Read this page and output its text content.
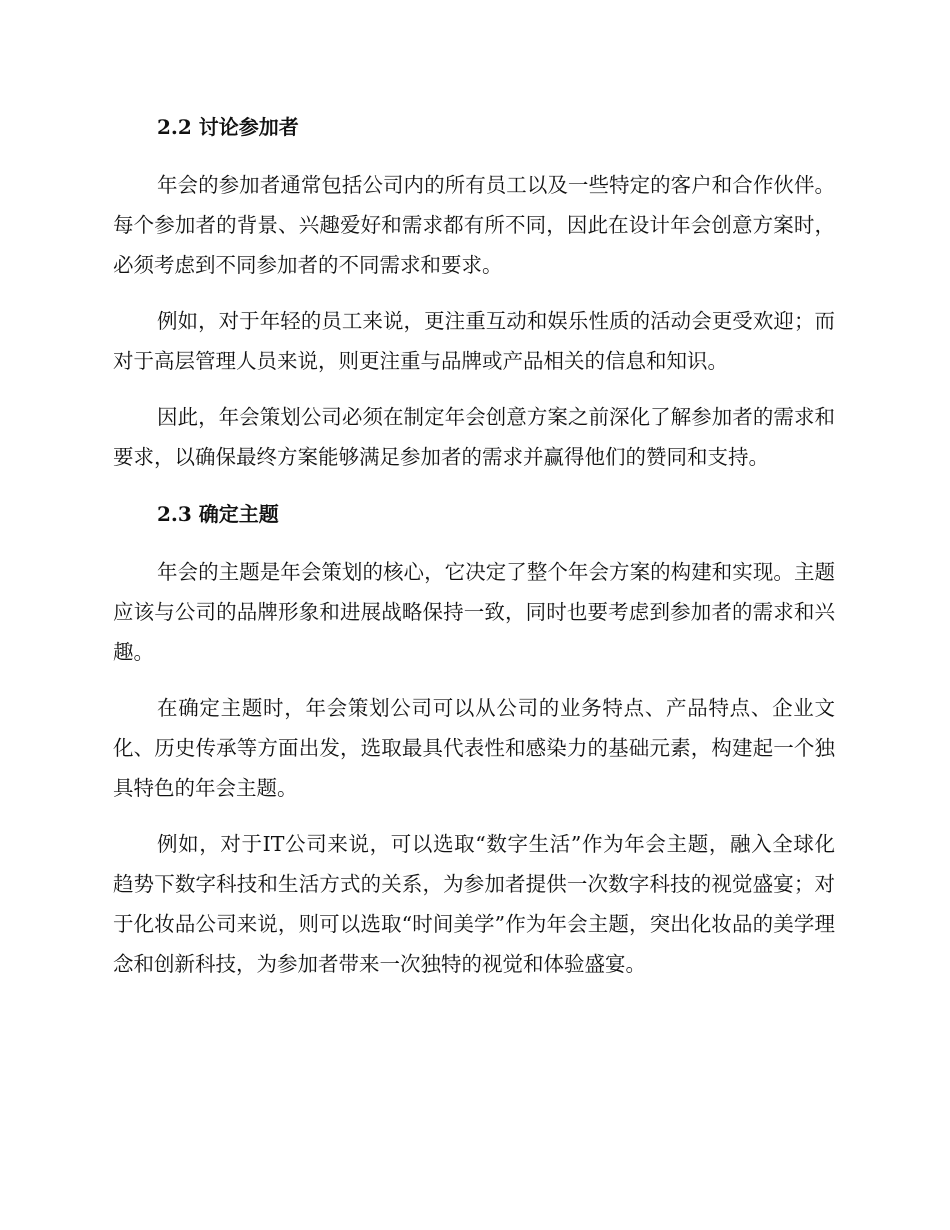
2.2 讨论参加者

年会的参加者通常包括公司内的所有员工以及一些特定的客户和合作伙伴。每个参加者的背景、兴趣爱好和需求都有所不同，因此在设计年会创意方案时，必须考虑到不同参加者的不同需求和要求。

例如，对于年轻的员工来说，更注重互动和娱乐性质的活动会更受欢迎；而对于高层管理人员来说，则更注重与品牌或产品相关的信息和知识。

因此，年会策划公司必须在制定年会创意方案之前深化了解参加者的需求和要求，以确保最终方案能够满足参加者的需求并赢得他们的赞同和支持。

2.3 确定主题

年会的主题是年会策划的核心，它决定了整个年会方案的构建和实现。主题应该与公司的品牌形象和进展战略保持一致，同时也要考虑到参加者的需求和兴趣。

在确定主题时，年会策划公司可以从公司的业务特点、产品特点、企业文化、历史传承等方面出发，选取最具代表性和感染力的基础元素，构建起一个独具特色的年会主题。

例如，对于IT公司来说，可以选取“数字生活”作为年会主题，融入全球化趋势下数字科技和生活方式的关系，为参加者提供一次数字科技的视觉盛宴；对于化妆品公司来说，则可以选取“时间美学”作为年会主题，突出化妆品的美学理念和创新科技，为参加者带来一次独特的视觉和体验盛宴。
